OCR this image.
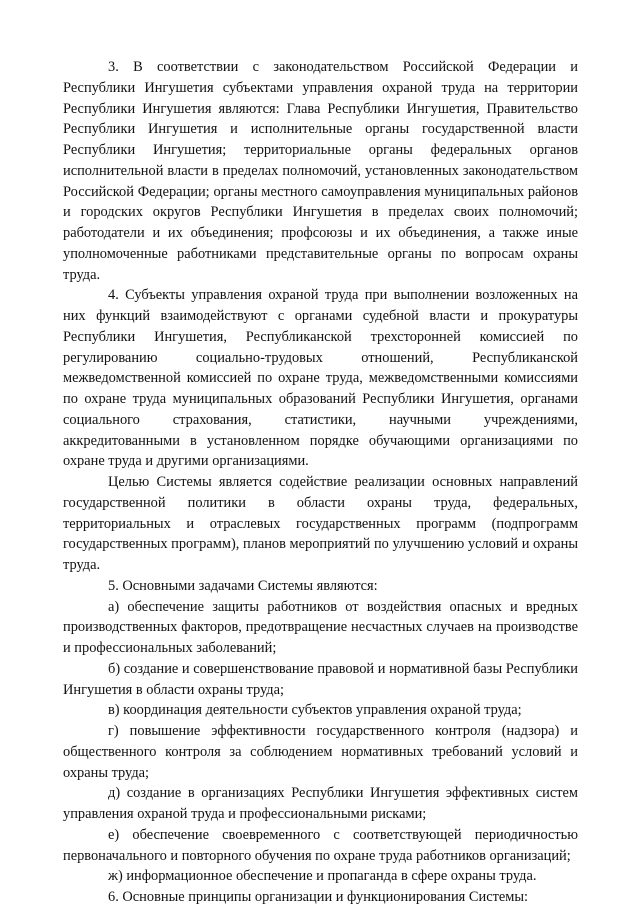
3. В соответствии с законодательством Российской Федерации и Республики Ингушетия субъектами управления охраной труда на территории Республики Ингушетия являются: Глава Республики Ингушетия, Правительство Республики Ингушетия и исполнительные органы государственной власти Республики Ингушетия; территориальные органы федеральных органов исполнительной власти в пределах полномочий, установленных законодательством Российской Федерации; органы местного самоуправления муниципальных районов и городских округов Республики Ингушетия в пределах своих полномочий; работодатели и их объединения; профсоюзы и их объединения, а также иные уполномоченные работниками представительные органы по вопросам охраны труда.

4. Субъекты управления охраной труда при выполнении возложенных на них функций взаимодействуют с органами судебной власти и прокуратуры Республики Ингушетия, Республиканской трехсторонней комиссией по регулированию социально-трудовых отношений, Республиканской межведомственной комиссией по охране труда, межведомственными комиссиями по охране труда муниципальных образований Республики Ингушетия, органами социального страхования, статистики, научными учреждениями, аккредитованными в установленном порядке обучающими организациями по охране труда и другими организациями.

Целью Системы является содействие реализации основных направлений государственной политики в области охраны труда, федеральных, территориальных и отраслевых государственных программ (подпрограмм государственных программ), планов мероприятий по улучшению условий и охраны труда.

5. Основными задачами Системы являются:

а) обеспечение защиты работников от воздействия опасных и вредных производственных факторов, предотвращение несчастных случаев на производстве и профессиональных заболеваний;

б) создание и совершенствование правовой и нормативной базы Республики Ингушетия в области охраны труда;

в) координация деятельности субъектов управления охраной труда;

г) повышение эффективности государственного контроля (надзора) и общественного контроля за соблюдением нормативных требований условий и охраны труда;

д) создание в организациях Республики Ингушетия эффективных систем управления охраной труда и профессиональными рисками;

е) обеспечение своевременного с соответствующей периодичностью первоначального и повторного обучения по охране труда работников организаций;

ж) информационное обеспечение и пропаганда в сфере охраны труда.

6. Основные принципы организации и функционирования Системы:
